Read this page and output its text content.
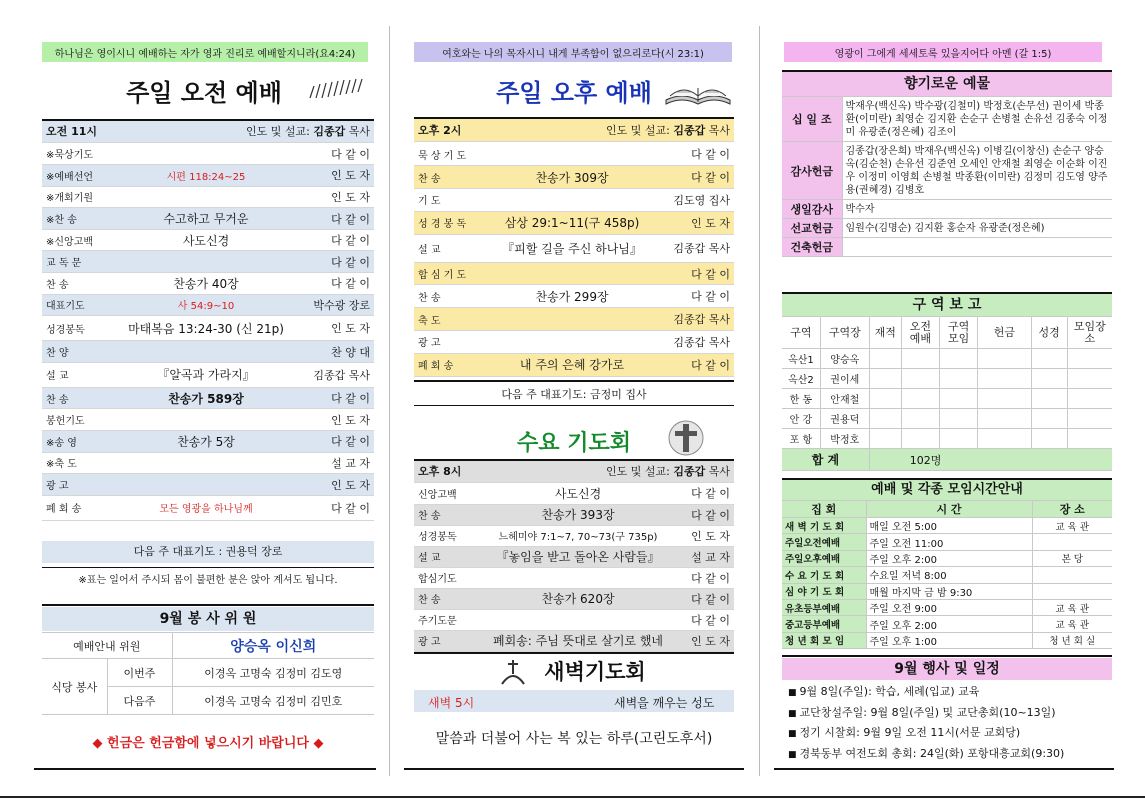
하나님은 영이시니 예배하는 자가 영과 진리로 예배할지니라(요4:24)
주일 오전 예배
오전 11시	인도 및 설교: 김종갑 목사
※묵상기도		다 같 이
※예배선언	시편 118:24~25	인 도 자
※개회기원		인 도 자
※찬 송	수고하고 무거운	다 같 이
※신앙고백	사도신경	다 같 이
교 독 문		다 같 이
찬 송	찬송가 40장	다 같 이
대표기도	사 54:9~10	박수광 장로
성경봉독	마태복음 13:24-30 (신 21p)	인 도 자
찬 양		찬 양 대
설 교	『알곡과 가라지』	김종갑 목사
찬 송	찬송가 589장	다 같 이
봉헌기도		인 도 자
※송 영	찬송가 5장	다 같 이
※축 도		설 교 자
광 고		인 도 자
폐 회 송	모든 영광을 하나님께	다 같 이
다음 주 대표기도 : 권용덕 장로
※표는 일어서 주시되 몸이 불편한 분은 앉아 계셔도 됩니다.
9월 봉 사 위 원
예배안내 위원		양승옥 이신희
식당 봉사	이번주	이경옥 고명숙 김정미 김도영
	다음주	이경옥 고명숙 김정미 김민호
◆ 헌금은 헌금함에 넣으시기 바랍니다 ◆
여호와는 나의 목자시니 내게 부족함이 없으리로다(시 23:1)
주일 오후 예배
오후 2시	인도 및 설교: 김종갑 목사
묵 상 기 도		다 같 이
찬 송	찬송가 309장	다 같 이
기 도		김도영 집사
성 경 봉 독	삼상 29:1~11(구 458p)	인 도 자
설 교	『피할 길을 주신 하나님』	김종갑 목사
합 심 기 도		다 같 이
찬 송	찬송가 299장	다 같 이
축 도		김종갑 목사
광 고		김종갑 목사
폐 회 송	내 주의 은혜 강가로	다 같 이
다음 주 대표기도: 금정미 집사
수요 기도회
오후 8시	인도 및 설교: 김종갑 목사
신앙고백	사도신경	다 같 이
찬 송	찬송가 393장	다 같 이
성경봉독	느헤미야 7:1~7, 70~73(구 735p)	인 도 자
설 교	『놓임을 받고 돌아온 사람들』	설 교 자
합심기도		다 같 이
찬 송	찬송가 620장	다 같 이
주기도문		다 같 이
광 고	폐회송: 주님 뜻대로 살기로 했네	인 도 자
새벽기도회
새벽 5시	새벽을 깨우는 성도
말씀과 더불어 사는 복 있는 하루(고린도후서)
영광이 그에게 세세토록 있을지어다 아멘 (갈 1:5)
향기로운 예물
십 일 조	박재우(백신옥) 박수광(김철미) 박정호(손무선) 권이세 박종환(이미란) 최영순 김지환 손순구 손병철 손유선 김종숙 이정미 유광준(정은혜) 김조이
감사헌금	김종갑(장은희) 박재우(백신옥) 이병길(이창신) 손순구 양승옥(김순천) 손유선 김준연 오세인 안재철 최영순 이순화 이진우 이정미 이영희 손병철 박종환(이미란) 김정미 김도영 양주용(권혜경) 김병호
생일감사	박수자
선교헌금	임원수(김명순) 김지환 홍순자 유광준(정은혜)
건축헌금	
구 역 보 고
구역	구역장	재적	오전예배	구역모임	헌금	성경	모임장소
옥산1	양승옥						
옥산2	권이세						
한 동	안재철						
안 강	권용덕						
포 항	박정호						
합 계		102명					
예배 및 각종 모임시간안내
집 회	시 간	장 소
새 벽 기 도 회	매일 오전 5:00	교 육 관
주일오전예배	주일 오전 11:00	
주일오후예배	주일 오후 2:00	본 당
수 요 기 도 회	수요일 저녁 8:00	
심 야 기 도 회	매월 마지막 금 밤 9:30	
유초등부예배	주일 오전 9:00	교 육 관
중고등부예배	주일 오후 2:00	교 육 관
청 년 회 모 임	주일 오후 1:00	청 년 회 실
9월 행사 및 일정
■ 9월 8일(주일): 학습, 세례(입교) 교육
■ 교단창설주일: 9월 8일(주일) 및 교단총회(10~13일)
■ 정기 시찰회: 9월 9일 오전 11시(서문 교회당)
■ 경북동부 여전도회 총회: 24일(화) 포항대흥교회(9:30)
